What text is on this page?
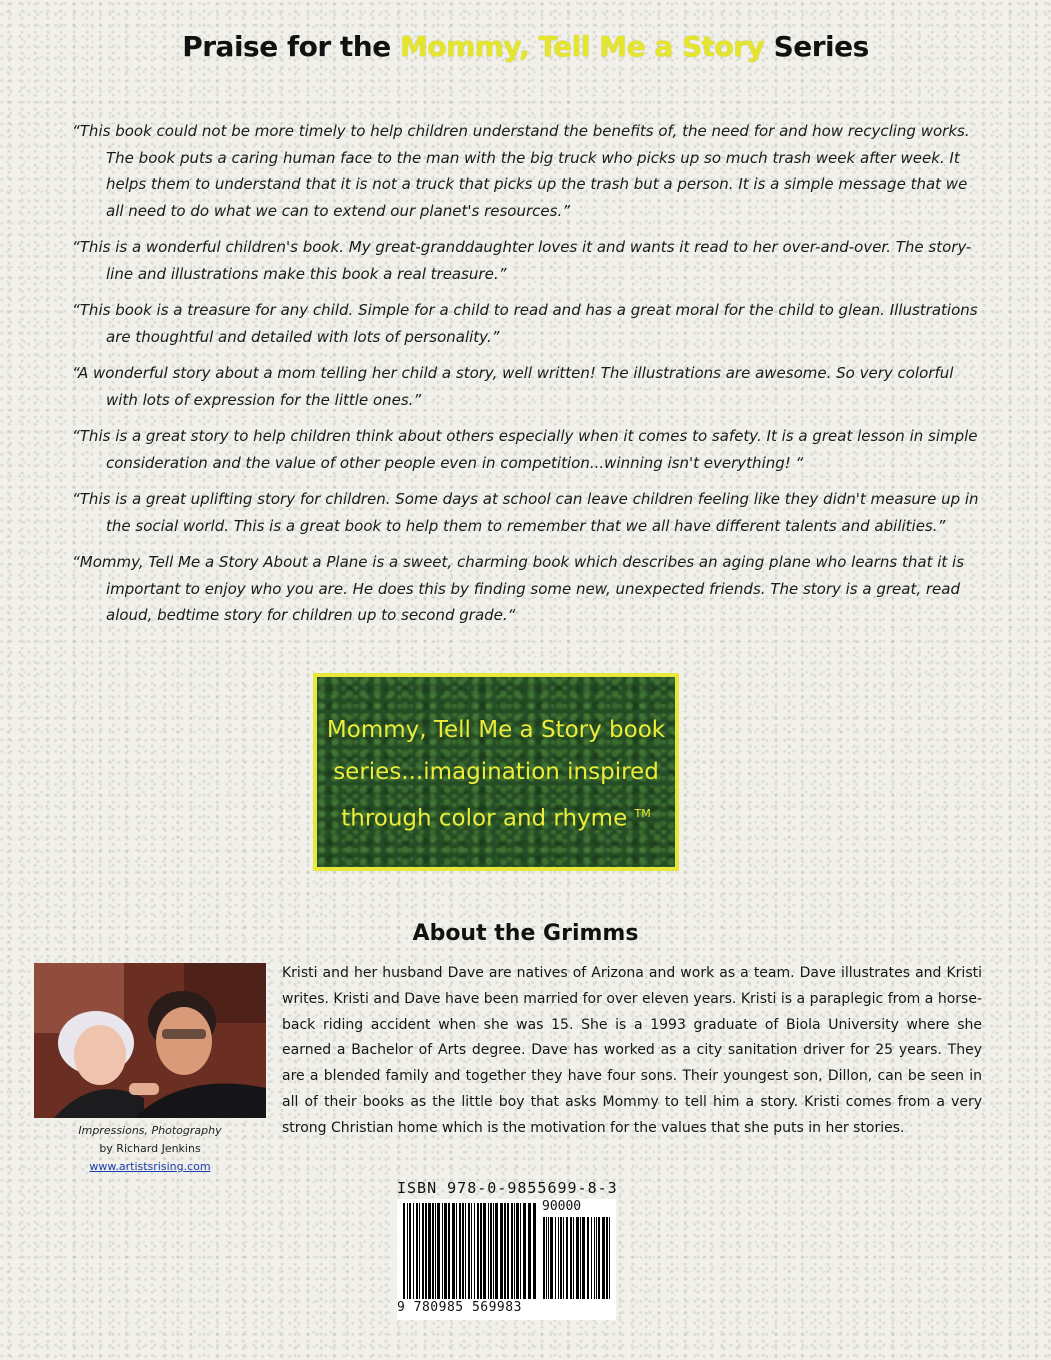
Praise for the Mommy, Tell Me a Story Series

“This book could not be more timely to help children understand the benefits of, the need for and how recycling works. The book puts a caring human face to the man with the big truck who picks up so much trash week after week. It helps them to understand that it is not a truck that picks up the trash but a person. It is a simple message that we all need to do what we can to extend our planet's resources.”

“This is a wonderful children's book. My great-granddaughter loves it and wants it read to her over-and-over. The story-line and illustrations make this book a real treasure.”

“This book is a treasure for any child. Simple for a child to read and has a great moral for the child to glean. Illustrations are thoughtful and detailed with lots of personality.”

“A wonderful story about a mom telling her child a story, well written! The illustrations are awesome. So very colorful with lots of expression for the little ones.”

“This is a great story to help children think about others especially when it comes to safety. It is a great lesson in simple consideration and the value of other people even in competition...winning isn't everything! “

“This is a great uplifting story for children. Some days at school can leave children feeling like they didn't measure up in the social world. This is a great book to help them to remember that we all have different talents and abilities.”

“Mommy, Tell Me a Story About a Plane is a sweet, charming book which describes an aging plane who learns that it is important to enjoy who you are. He does this by finding some new, unexpected friends. The story is a great, read aloud, bedtime story for children up to second grade.“

Mommy, Tell Me a Story book series...imagination inspired through color and rhyme ™
About the Grimms
Impressions, Photography
by Richard Jenkins
www.artistsrising.com
Kristi and her husband Dave are natives of Arizona and work as a team. Dave illustrates and Kristi writes. Kristi and Dave have been married for over eleven years. Kristi is a paraplegic from a horse-back riding accident when she was 15. She is a 1993 graduate of Biola University where she earned a Bachelor of Arts degree. Dave has worked as a city sanitation driver for 25 years. They are a blended family and together they have four sons. Their youngest son, Dillon, can be seen in all of their books as the little boy that asks Mommy to tell him a story. Kristi comes from a very strong Christian home which is the motivation for the values that she puts in her stories.
ISBN 978-0-9855699-8-3
90000
9 780985 569983
